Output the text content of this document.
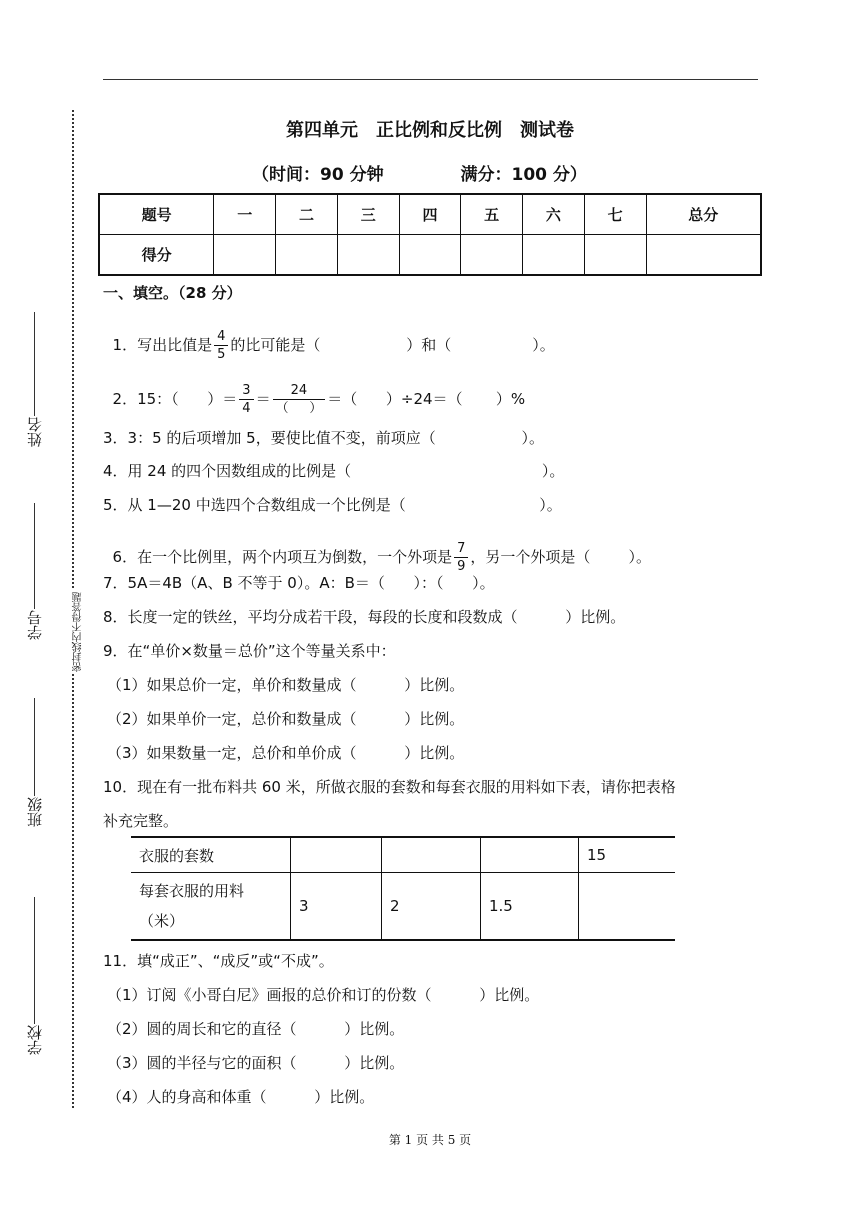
第四单元　正比例和反比例　测试卷
（时间：90 分钟             满分：100 分）
题号	一	二	三	四	五	六	七	总分
得分								
一、填空。（28 分）

1．写出比值是 $\frac{4}{5}$ 的比可能是（                  ）和（                 ）。

2．15：（      ）＝ $\frac{3}{4} = \frac{24}{( )}$ ＝（      ）÷24＝（       ）%

3．3：5 的后项增加 5，要使比值不变，前项应（                  ）。
4．用 24 的四个因数组成的比例是（                                        ）。
5．从 1—20 中选四个合数组成一个比例是（                            ）。

6．在一个比例里，两个内项互为倒数，一个外项是 $\frac{7}{9}$ ，另一个外项是（        ）。

7．5A＝4B（A、B 不等于 0）。A：B＝（      ）：（      ）。
8．长度一定的铁丝，平均分成若干段，每段的长度和段数成（          ）比例。
9．在“单价×数量＝总价”这个等量关系中：
（1）如果总价一定，单价和数量成（          ）比例。
（2）如果单价一定，总价和数量成（          ）比例。
（3）如果数量一定，总价和单价成（          ）比例。
10．现在有一批布料共 60 米，所做衣服的套数和每套衣服的用料如下表，请你把表格
补充完整。
衣服的套数				15

每套衣服的用料
（米）	3	2	1.5	
11．填“成正”、“成反”或“不成”。
（1）订阅《小哥白尼》画报的总价和订的份数（          ）比例。
（2）圆的周长和它的直径（          ）比例。
（3）圆的半径与它的面积（          ）比例。
（4）人的身高和体重（          ）比例。
密封线内不得答题
姓名
学号
班级
学校
第 1 页 共 5 页
